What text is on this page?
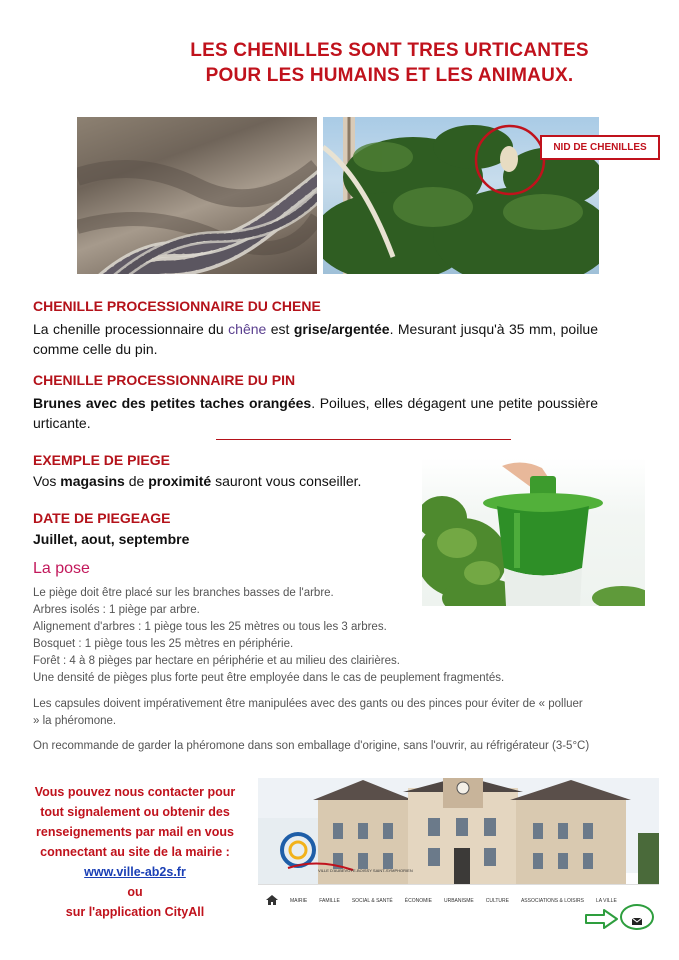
LES CHENILLES SONT TRES URTICANTES
POUR LES HUMAINS ET LES ANIMAUX.
NID DE CHENILLES
CHENILLE PROCESSIONNAIRE DU CHENE
La chenille processionnaire du chêne est grise/argentée. Mesurant jusqu'à 35 mm, poilue comme celle du pin.
CHENILLE PROCESSIONNAIRE DU PIN
Brunes avec des petites taches orangées. Poilues, elles dégagent une petite poussière urticante.
EXEMPLE DE PIEGE
Vos magasins de proximité sauront vous conseiller.
DATE DE PIEGEAGE
Juillet, aout, septembre
La pose
Le piège doit être placé sur les branches basses de l'arbre.
Arbres isolés : 1 piège par arbre.
Alignement d'arbres : 1 piège tous les 25 mètres ou tous les 3 arbres.
Bosquet : 1 piège tous les 25 mètres en périphérie.
Forêt : 4 à 8 pièges par hectare en périphérie et au milieu des clairières.
Une densité de pièges plus forte peut être employée dans le cas de peuplement fragmentés.
Les capsules doivent impérativement être manipulées avec des gants ou des pinces pour éviter de « polluer
» la phéromone.
On recommande de garder la phéromone dans son emballage d'origine, sans l'ouvrir, au réfrigérateur (3-5°C)
Vous pouvez nous contacter pour
tout signalement ou obtenir des
renseignements par mail en vous
connectant au site de la mairie :
www.ville-ab2s.fr
ou
sur l'application CityAll
VILLE D'AUBEVOYE-BOISSY SAINT-SYMPHORIEN
MAIRIE FAMILLE SOCIAL & SANTÉ ÉCONOMIE URBANISME CULTURE ASSOCIATIONS & LOISIRS LA VILLE
